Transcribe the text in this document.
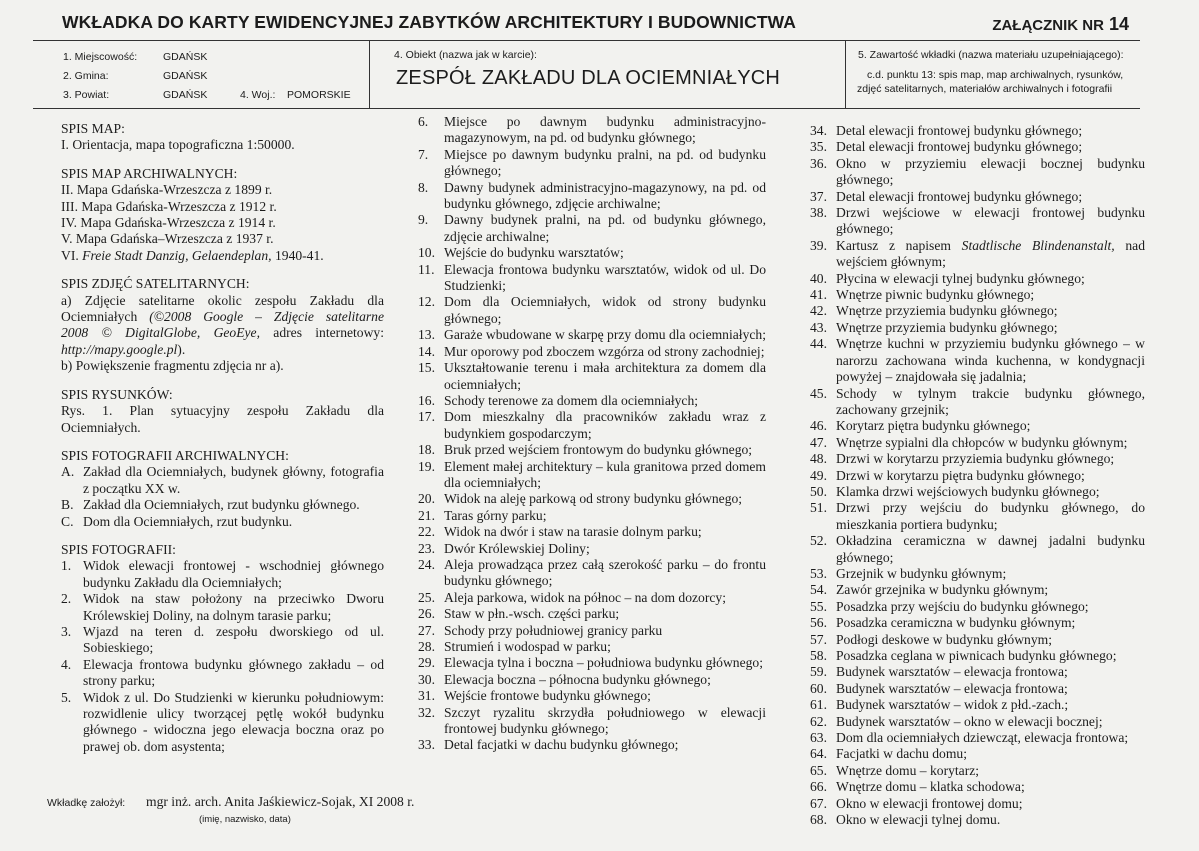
WKŁADKA DO KARTY EWIDENCYJNEJ ZABYTKÓW ARCHITEKTURY I BUDOWNICTWA	ZAŁĄCZNIK NR 14
1. Miejscowość: GDAŃSK
2. Gmina:	GDAŃSK
3. Powiat:	GDAŃSK	4. Woj.: POMORSKIE
4. Obiekt (nazwa jak w karcie):
ZESPÓŁ ZAKŁADU DLA OCIEMNIAŁYCH
5. Zawartość wkładki (nazwa materiału uzupełniającego):
c.d. punktu 13: spis map, map archiwalnych, rysunków,
zdjęć satelitarnych, materiałów archiwalnych i fotografii
SPIS MAP:
I. Orientacja, mapa topograficzna 1:50000.
SPIS MAP ARCHIWALNYCH:
II. Mapa Gdańska-Wrzeszcza z 1899 r.
III. Mapa Gdańska-Wrzeszcza z 1912 r.
IV. Mapa Gdańska-Wrzeszcza z 1914 r.
V. Mapa Gdańska–Wrzeszcza z 1937 r.
VI. Freie Stadt Danzig, Gelaendeplan, 1940-41.
SPIS ZDJĘĆ SATELITARNYCH:
a) Zdjęcie satelitarne okolic zespołu Zakładu dla
Ociemniałych (©2008 Google – Zdjęcie satelitarne
2008 © DigitalGlobe, GeoEye, adres internetowy:
http://mapy.google.pl).
b) Powiększenie fragmentu zdjęcia nr a).
SPIS RYSUNKÓW:
Rys. 1. Plan sytuacyjny zespołu Zakładu dla
Ociemniałych.
SPIS FOTOGRAFII ARCHIWALNYCH:
A. Zakład dla Ociemniałych, budynek główny, fotografia z początku XX w.
B. Zakład dla Ociemniałych, rzut budynku głównego.
C. Dom dla Ociemniałych, rzut budynku.
SPIS FOTOGRAFII:
1. Widok elewacji frontowej - wschodniej głównego budynku Zakładu dla Ociemniałych;
2. Widok na staw położony na przeciwko Dworu Królewskiej Doliny, na dolnym tarasie parku;
3. Wjazd na teren d. zespołu dworskiego od ul. Sobieskiego;
4. Elewacja frontowa budynku głównego zakładu – od strony parku;
5. Widok z ul. Do Studzienki w kierunku południowym: rozwidlenie ulicy tworzącej pętlę wokół budynku głównego - widoczna jego elewacja boczna oraz po prawej ob. dom asystenta;
6.	Miejsce po dawnym budynku administracyjno-magazynowym, na pd. od budynku głównego;
7.	Miejsce po dawnym budynku pralni, na pd. od budynku głównego;
8.	Dawny budynek administracyjno-magazynowy, na pd. od budynku głównego, zdjęcie archiwalne;
9.	Dawny budynek pralni, na pd. od budynku głównego, zdjęcie archiwalne;
10. Wejście do budynku warsztatów;
11. Elewacja frontowa budynku warsztatów, widok od ul. Do Studzienki;
12. Dom dla Ociemniałych, widok od strony budynku głównego;
13. Garaże wbudowane w skarpę przy domu dla ociemniałych;
14. Mur oporowy pod zboczem wzgórza od strony zachodniej;
15. Ukształtowanie terenu i mała architektura za domem dla ociemniałych;
16. Schody terenowe za domem dla ociemniałych;
17. Dom mieszkalny dla pracowników zakładu wraz z budynkiem gospodarczym;
18. Bruk przed wejściem frontowym do budynku głównego;
19. Element małej architektury – kula granitowa przed domem dla ociemniałych;
20. Widok na aleję parkową od strony budynku głównego;
21. Taras górny parku;
22. Widok na dwór i staw na tarasie dolnym parku;
23. Dwór Królewskiej Doliny;
24. Aleja prowadząca przez całą szerokość parku – do frontu budynku głównego;
25. Aleja parkowa, widok na północ – na dom dozorcy;
26. Staw w płn.-wsch. części parku;
27. Schody przy południowej granicy parku
28. Strumień i wodospad w parku;
29. Elewacja tylna i boczna – południowa budynku głównego;
30. Elewacja boczna – północna budynku głównego;
31. Wejście frontowe budynku głównego;
32. Szczyt ryzalitu skrzydła południowego w elewacji frontowej budynku głównego;
33. Detal facjatki w dachu budynku głównego;
34. Detal elewacji frontowej budynku głównego;
35. Detal elewacji frontowej budynku głównego;
36. Okno w przyziemiu elewacji bocznej budynku głównego;
37. Detal elewacji frontowej budynku głównego;
38. Drzwi wejściowe w elewacji frontowej budynku głównego;
39. Kartusz z napisem Stadtlische Blindenanstalt, nad wejściem głównym;
40. Płycina w elewacji tylnej budynku głównego;
41. Wnętrze piwnic budynku głównego;
42. Wnętrze przyziemia budynku głównego;
43. Wnętrze przyziemia budynku głównego;
44. Wnętrze kuchni w przyziemiu budynku głównego – w narorzu zachowana winda kuchenna, w kondygnacji powyżej – znajdowała się jadalnia;
45. Schody w tylnym trakcie budynku głównego, zachowany grzejnik;
46. Korytarz piętra budynku głównego;
47. Wnętrze sypialni dla chłopców w budynku głównym;
48. Drzwi w korytarzu przyziemia budynku głównego;
49. Drzwi w korytarzu piętra budynku głównego;
50. Klamka drzwi wejściowych budynku głównego;
51. Drzwi przy wejściu do budynku głównego, do mieszkania portiera budynku;
52. Okładzina ceramiczna w dawnej jadalni budynku głównego;
53. Grzejnik w budynku głównym;
54. Zawór grzejnika w budynku głównym;
55. Posadzka przy wejściu do budynku głównego;
56. Posadzka ceramiczna w budynku głównym;
57. Podłogi deskowe w budynku głównym;
58. Posadzka ceglana w piwnicach budynku głównego;
59. Budynek warsztatów – elewacja frontowa;
60. Budynek warsztatów – elewacja frontowa;
61. Budynek warsztatów – widok z płd.-zach.;
62. Budynek warsztatów – okno w elewacji bocznej;
63. Dom dla ociemniałych dziewcząt, elewacja frontowa;
64. Facjatki w dachu domu;
65. Wnętrze domu – korytarz;
66. Wnętrze domu – klatka schodowa;
67. Okno w elewacji frontowej domu;
68. Okno w elewacji tylnej domu.
Wkładkę założył: mgr inż. arch. Anita Jaśkiewicz-Sojak, XI 2008 r.
(imię, nazwisko, data)
